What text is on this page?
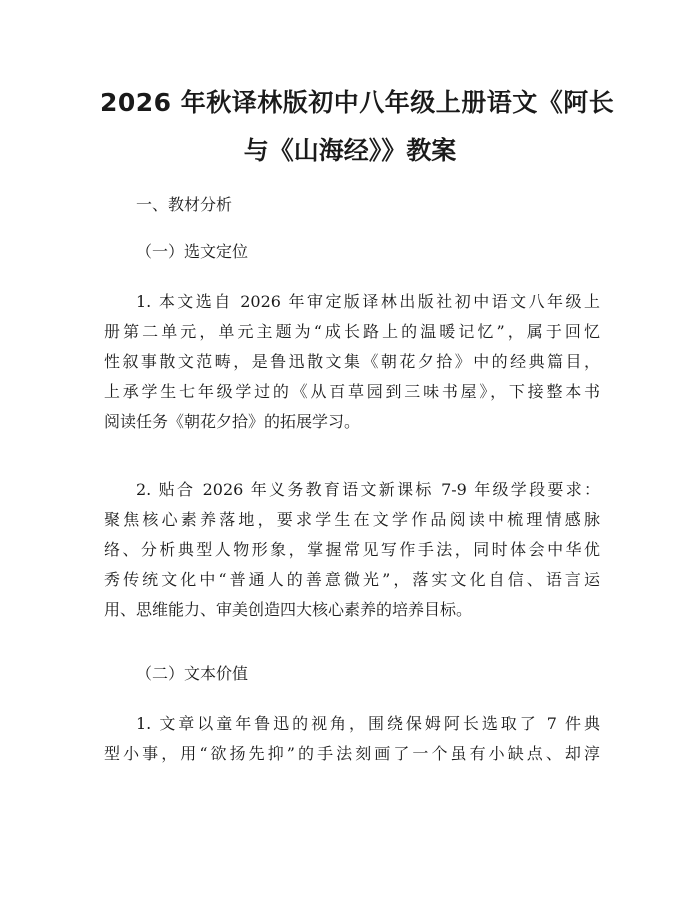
2026 年秋译林版初中八年级上册语文《阿长
与《山海经》》教案

一、教材分析

（一）选文定位

1. 本文选自 2026 年审定版译林出版社初中语文八年级上
册第二单元，单元主题为“成长路上的温暖记忆”，属于回忆
性叙事散文范畴，是鲁迅散文集《朝花夕拾》中的经典篇目，
上承学生七年级学过的《从百草园到三味书屋》，下接整本书
阅读任务《朝花夕拾》的拓展学习。

2. 贴合 2026 年义务教育语文新课标 7-9 年级学段要求：
聚焦核心素养落地，要求学生在文学作品阅读中梳理情感脉
络、分析典型人物形象，掌握常见写作手法，同时体会中华优
秀传统文化中“普通人的善意微光”，落实文化自信、语言运
用、思维能力、审美创造四大核心素养的培养目标。

（二）文本价值

1. 文章以童年鲁迅的视角，围绕保姆阿长选取了 7 件典
型小事，用“欲扬先抑”的手法刻画了一个虽有小缺点、却淳
